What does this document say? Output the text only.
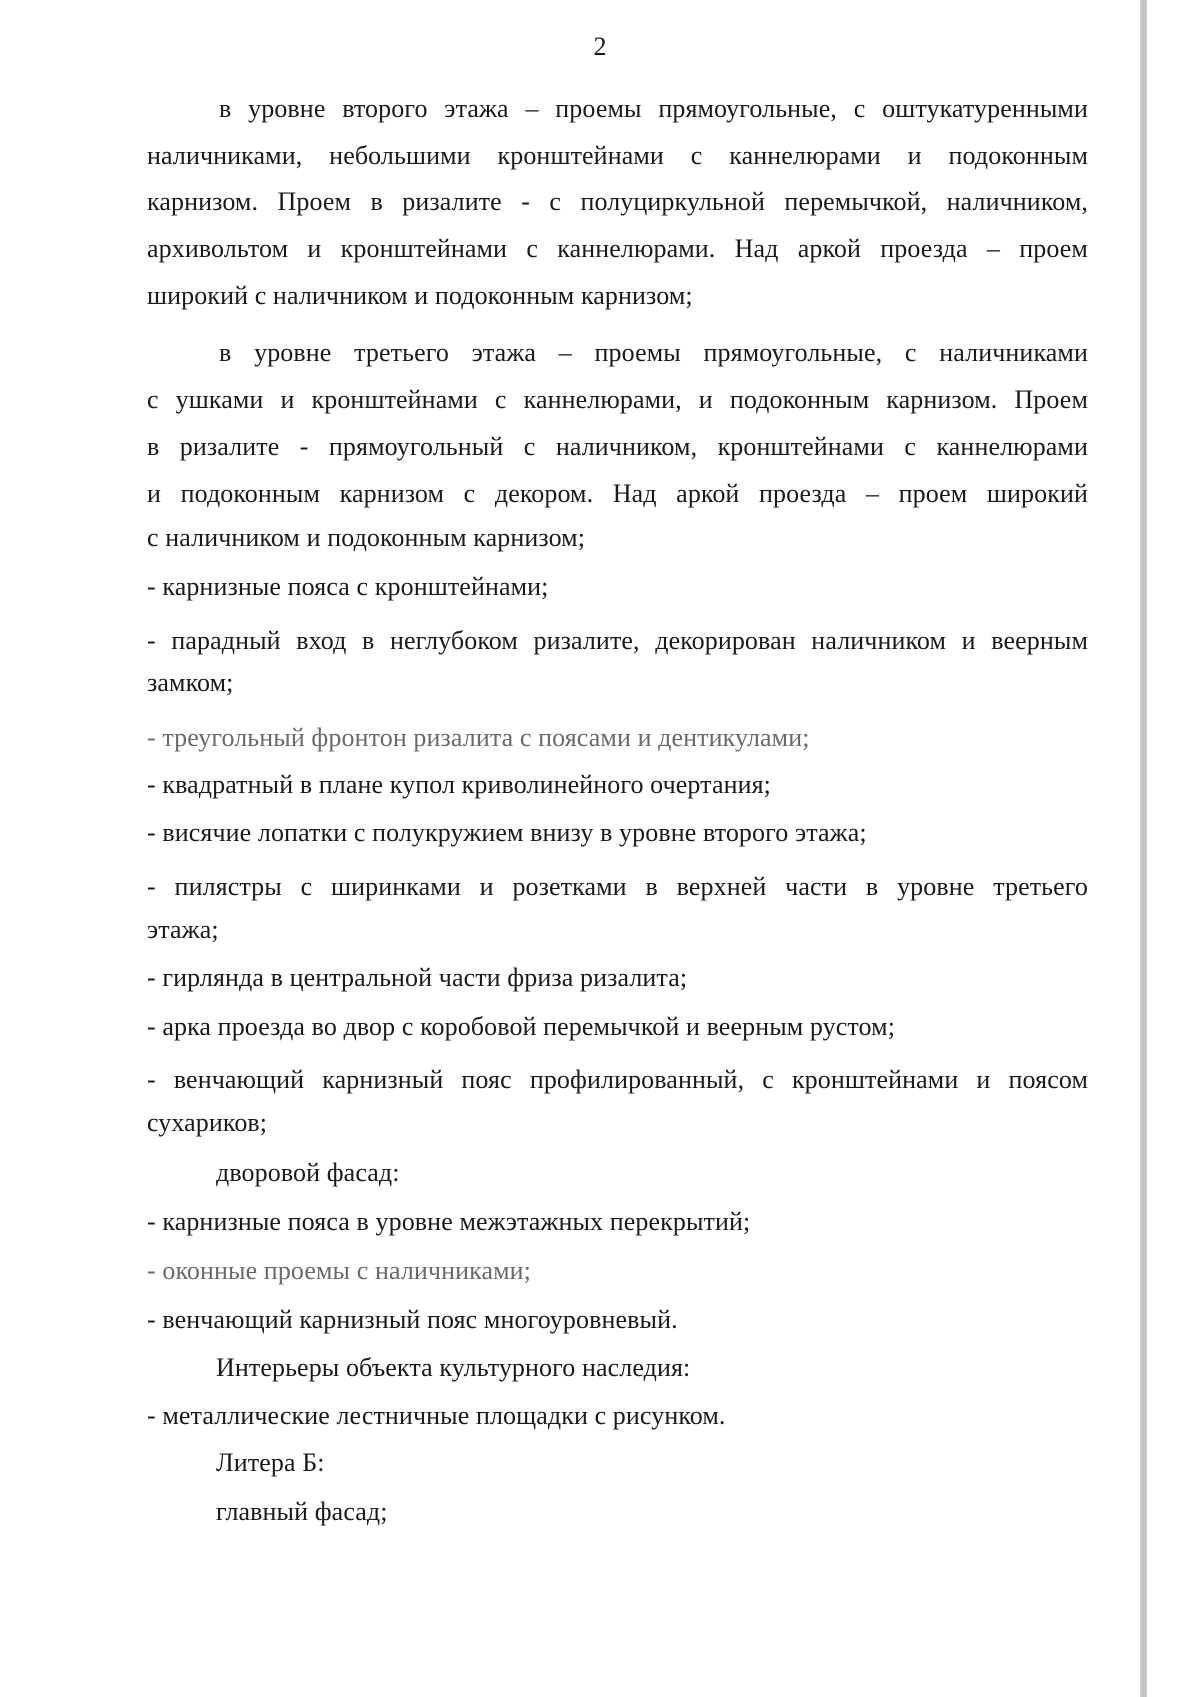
2
в уровне второго этажа – проемы прямоугольные, с оштукатуренными
наличниками, небольшими кронштейнами с каннелюрами и подоконным
карнизом. Проем в ризалите - с полуциркульной перемычкой, наличником,
архивольтом и кронштейнами с каннелюрами. Над аркой проезда – проем
широкий с наличником и подоконным карнизом;
в уровне третьего этажа – проемы прямоугольные, с наличниками
с ушками и кронштейнами с каннелюрами, и подоконным карнизом. Проем
в ризалите - прямоугольный с наличником, кронштейнами с каннелюрами
и подоконным карнизом с декором. Над аркой проезда – проем широкий
с наличником и подоконным карнизом;
- карнизные пояса с кронштейнами;
- парадный вход в неглубоком ризалите, декорирован наличником и веерным
замком;
- треугольный фронтон ризалита с поясами и дентикулами;
- квадратный в плане купол криволинейного очертания;
- висячие лопатки с полукружием внизу в уровне второго этажа;
- пилястры с ширинками и розетками в верхней части в уровне третьего
этажа;
- гирлянда в центральной части фриза ризалита;
- арка проезда во двор с коробовой перемычкой и веерным рустом;
- венчающий карнизный пояс профилированный, с кронштейнами и поясом
сухариков;
дворовой фасад:
- карнизные пояса в уровне межэтажных перекрытий;
- оконные проемы с наличниками;
- венчающий карнизный пояс многоуровневый.
Интерьеры объекта культурного наследия:
- металлические лестничные площадки с рисунком.
Литера Б:
главный фасад;
